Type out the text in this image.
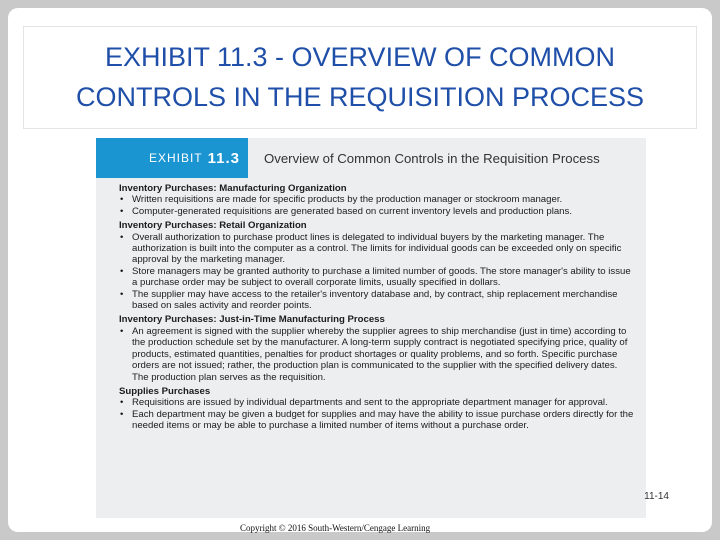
EXHIBIT 11.3 - OVERVIEW OF COMMON
CONTROLS IN THE REQUISITION PROCESS
EXHIBIT 11.3 Overview of Common Controls in the Requisition Process
Inventory Purchases: Manufacturing Organization
• Written requisitions are made for specific products by the production manager or stockroom manager.
• Computer-generated requisitions are generated based on current inventory levels and production plans.
Inventory Purchases: Retail Organization
• Overall authorization to purchase product lines is delegated to individual buyers by the marketing manager. The authorization is built into the computer as a control. The limits for individual goods can be exceeded only on specific approval by the marketing manager.
• Store managers may be granted authority to purchase a limited number of goods. The store manager's ability to issue a purchase order may be subject to overall corporate limits, usually specified in dollars.
• The supplier may have access to the retailer's inventory database and, by contract, ship replacement merchandise based on sales activity and reorder points.
Inventory Purchases: Just-in-Time Manufacturing Process
• An agreement is signed with the supplier whereby the supplier agrees to ship merchandise (just in time) according to the production schedule set by the manufacturer. A long-term supply contract is negotiated specifying price, quality of products, estimated quantities, penalties for product shortages or quality problems, and so forth. Specific purchase orders are not issued; rather, the production plan is communicated to the supplier with the specified delivery dates. The production plan serves as the requisition.
Supplies Purchases
• Requisitions are issued by individual departments and sent to the appropriate department manager for approval.
• Each department may be given a budget for supplies and may have the ability to issue purchase orders directly for the needed items or may be able to purchase a limited number of items without a purchase order.
11-14
Copyright © 2016 South-Western/Cengage Learning
